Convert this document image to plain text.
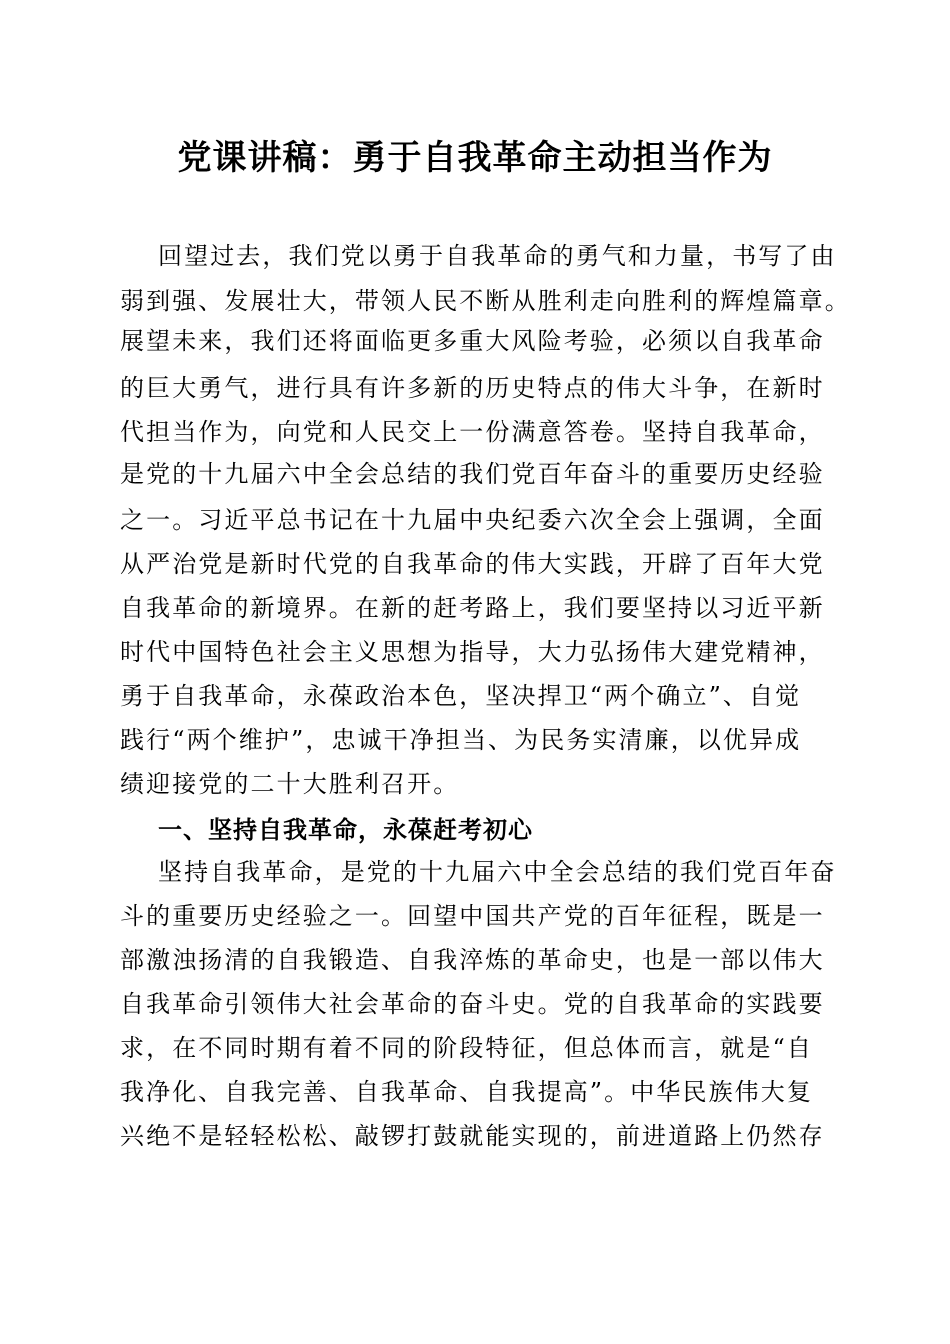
党课讲稿：勇于自我革命主动担当作为

回望过去，我们党以勇于自我革命的勇气和力量，书写了由

弱到强、发展壮大，带领人民不断从胜利走向胜利的辉煌篇章。

展望未来，我们还将面临更多重大风险考验，必须以自我革命

的巨大勇气，进行具有许多新的历史特点的伟大斗争，在新时

代担当作为，向党和人民交上一份满意答卷。坚持自我革命，

是党的十九届六中全会总结的我们党百年奋斗的重要历史经验

之一。习近平总书记在十九届中央纪委六次全会上强调，全面

从严治党是新时代党的自我革命的伟大实践，开辟了百年大党

自我革命的新境界。在新的赶考路上，我们要坚持以习近平新

时代中国特色社会主义思想为指导，大力弘扬伟大建党精神，

勇于自我革命，永葆政治本色，坚决捍卫“两个确立”、自觉

践行“两个维护”，忠诚干净担当、为民务实清廉，以优异成

绩迎接党的二十大胜利召开。

一、坚持自我革命，永葆赶考初心

坚持自我革命，是党的十九届六中全会总结的我们党百年奋

斗的重要历史经验之一。回望中国共产党的百年征程，既是一

部激浊扬清的自我锻造、自我淬炼的革命史，也是一部以伟大

自我革命引领伟大社会革命的奋斗史。党的自我革命的实践要

求，在不同时期有着不同的阶段特征，但总体而言，就是“自

我净化、自我完善、自我革命、自我提高”。中华民族伟大复

兴绝不是轻轻松松、敲锣打鼓就能实现的，前进道路上仍然存
